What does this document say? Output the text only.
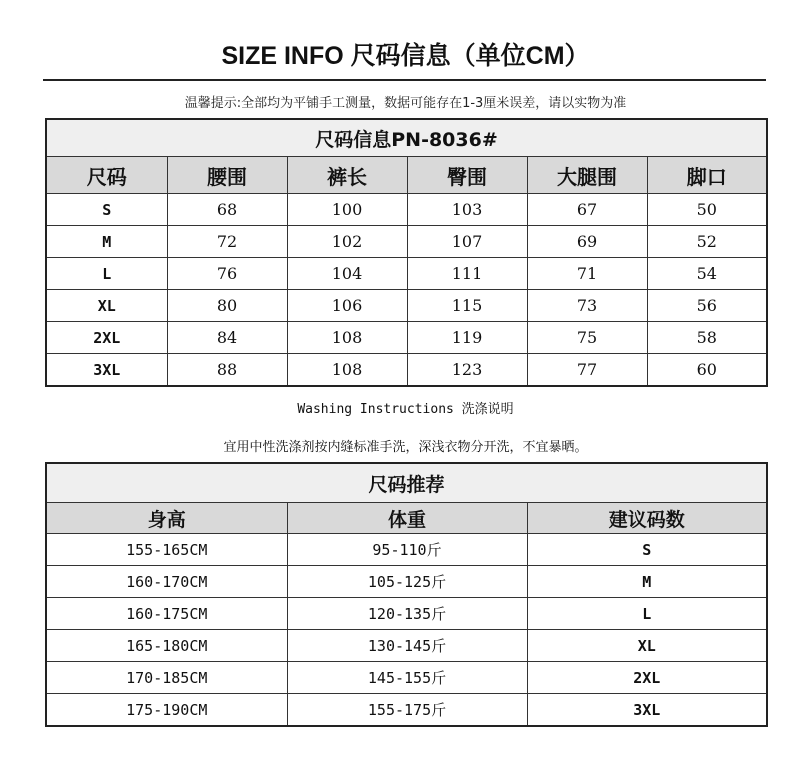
SIZE INFO 尺码信息（单位CM）
温馨提示:全部均为平铺手工测量，数据可能存在1-3厘米误差，请以实物为准
尺码信息PN-8036#					
尺码	腰围	裤长	臀围	大腿围	脚口
S	68	100	103	67	50
M	72	102	107	69	52
L	76	104	111	71	54
XL	80	106	115	73	56
2XL	84	108	119	75	58
3XL	88	108	123	77	60
Washing Instructions 洗涤说明
宜用中性洗涤剂按内缝标准手洗，深浅衣物分开洗，不宜暴晒。
尺码推荐		
身高	体重	建议码数
155-165CM	95-110斤	S
160-170CM	105-125斤	M
160-175CM	120-135斤	L
165-180CM	130-145斤	XL
170-185CM	145-155斤	2XL
175-190CM	155-175斤	3XL
